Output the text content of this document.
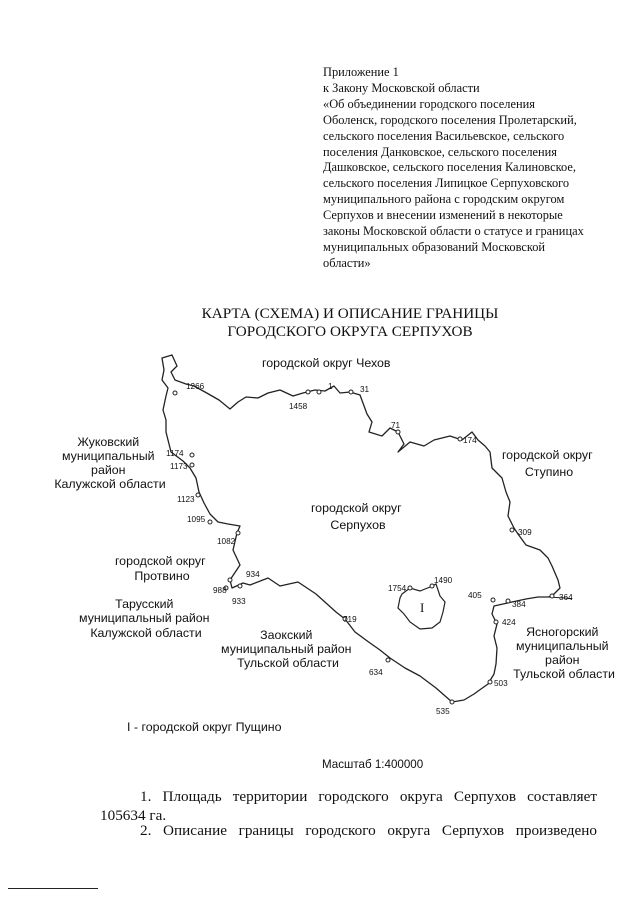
Приложение 1
к Закону Московской области
«Об объединении городского поселения
Оболенск, городского поселения Пролетарский,
сельского поселения Васильевское, сельского
поселения Данковское, сельского поселения
Дашковское, сельского поселения Калиновское,
сельского поселения Липицкое Серпуховского
муниципального района с городским округом
Серпухов и внесении изменений в некоторые
законы Московской области о статусе и границах
муниципальных образований Московской
области»
КАРТА (СХЕМА) И ОПИСАНИЕ ГРАНИЦЫ
ГОРОДСКОГО ОКРУГА СЕРПУХОВ
городской округ Чехов
Жуковский муниципальный район Калужской области
городской округ Ступино
городской округ Серпухов
городской округ Протвино
Тарусский муниципальный район Калужской области	Заокский муниципальный район Тульской области
Ясногорский муниципальный район Тульской области
I
I - городской округ Пущино
1266	1	31
1458
71
174
1174
1173
1123
1095
1082
309
934
988
933
1754
1490
405
384
364
424
719
634
503
535
Масштаб 1:400000
1. Площадь территории городского округа Серпухов составляет
105634 га.
2. Описание границы городского округа Серпухов произведено
